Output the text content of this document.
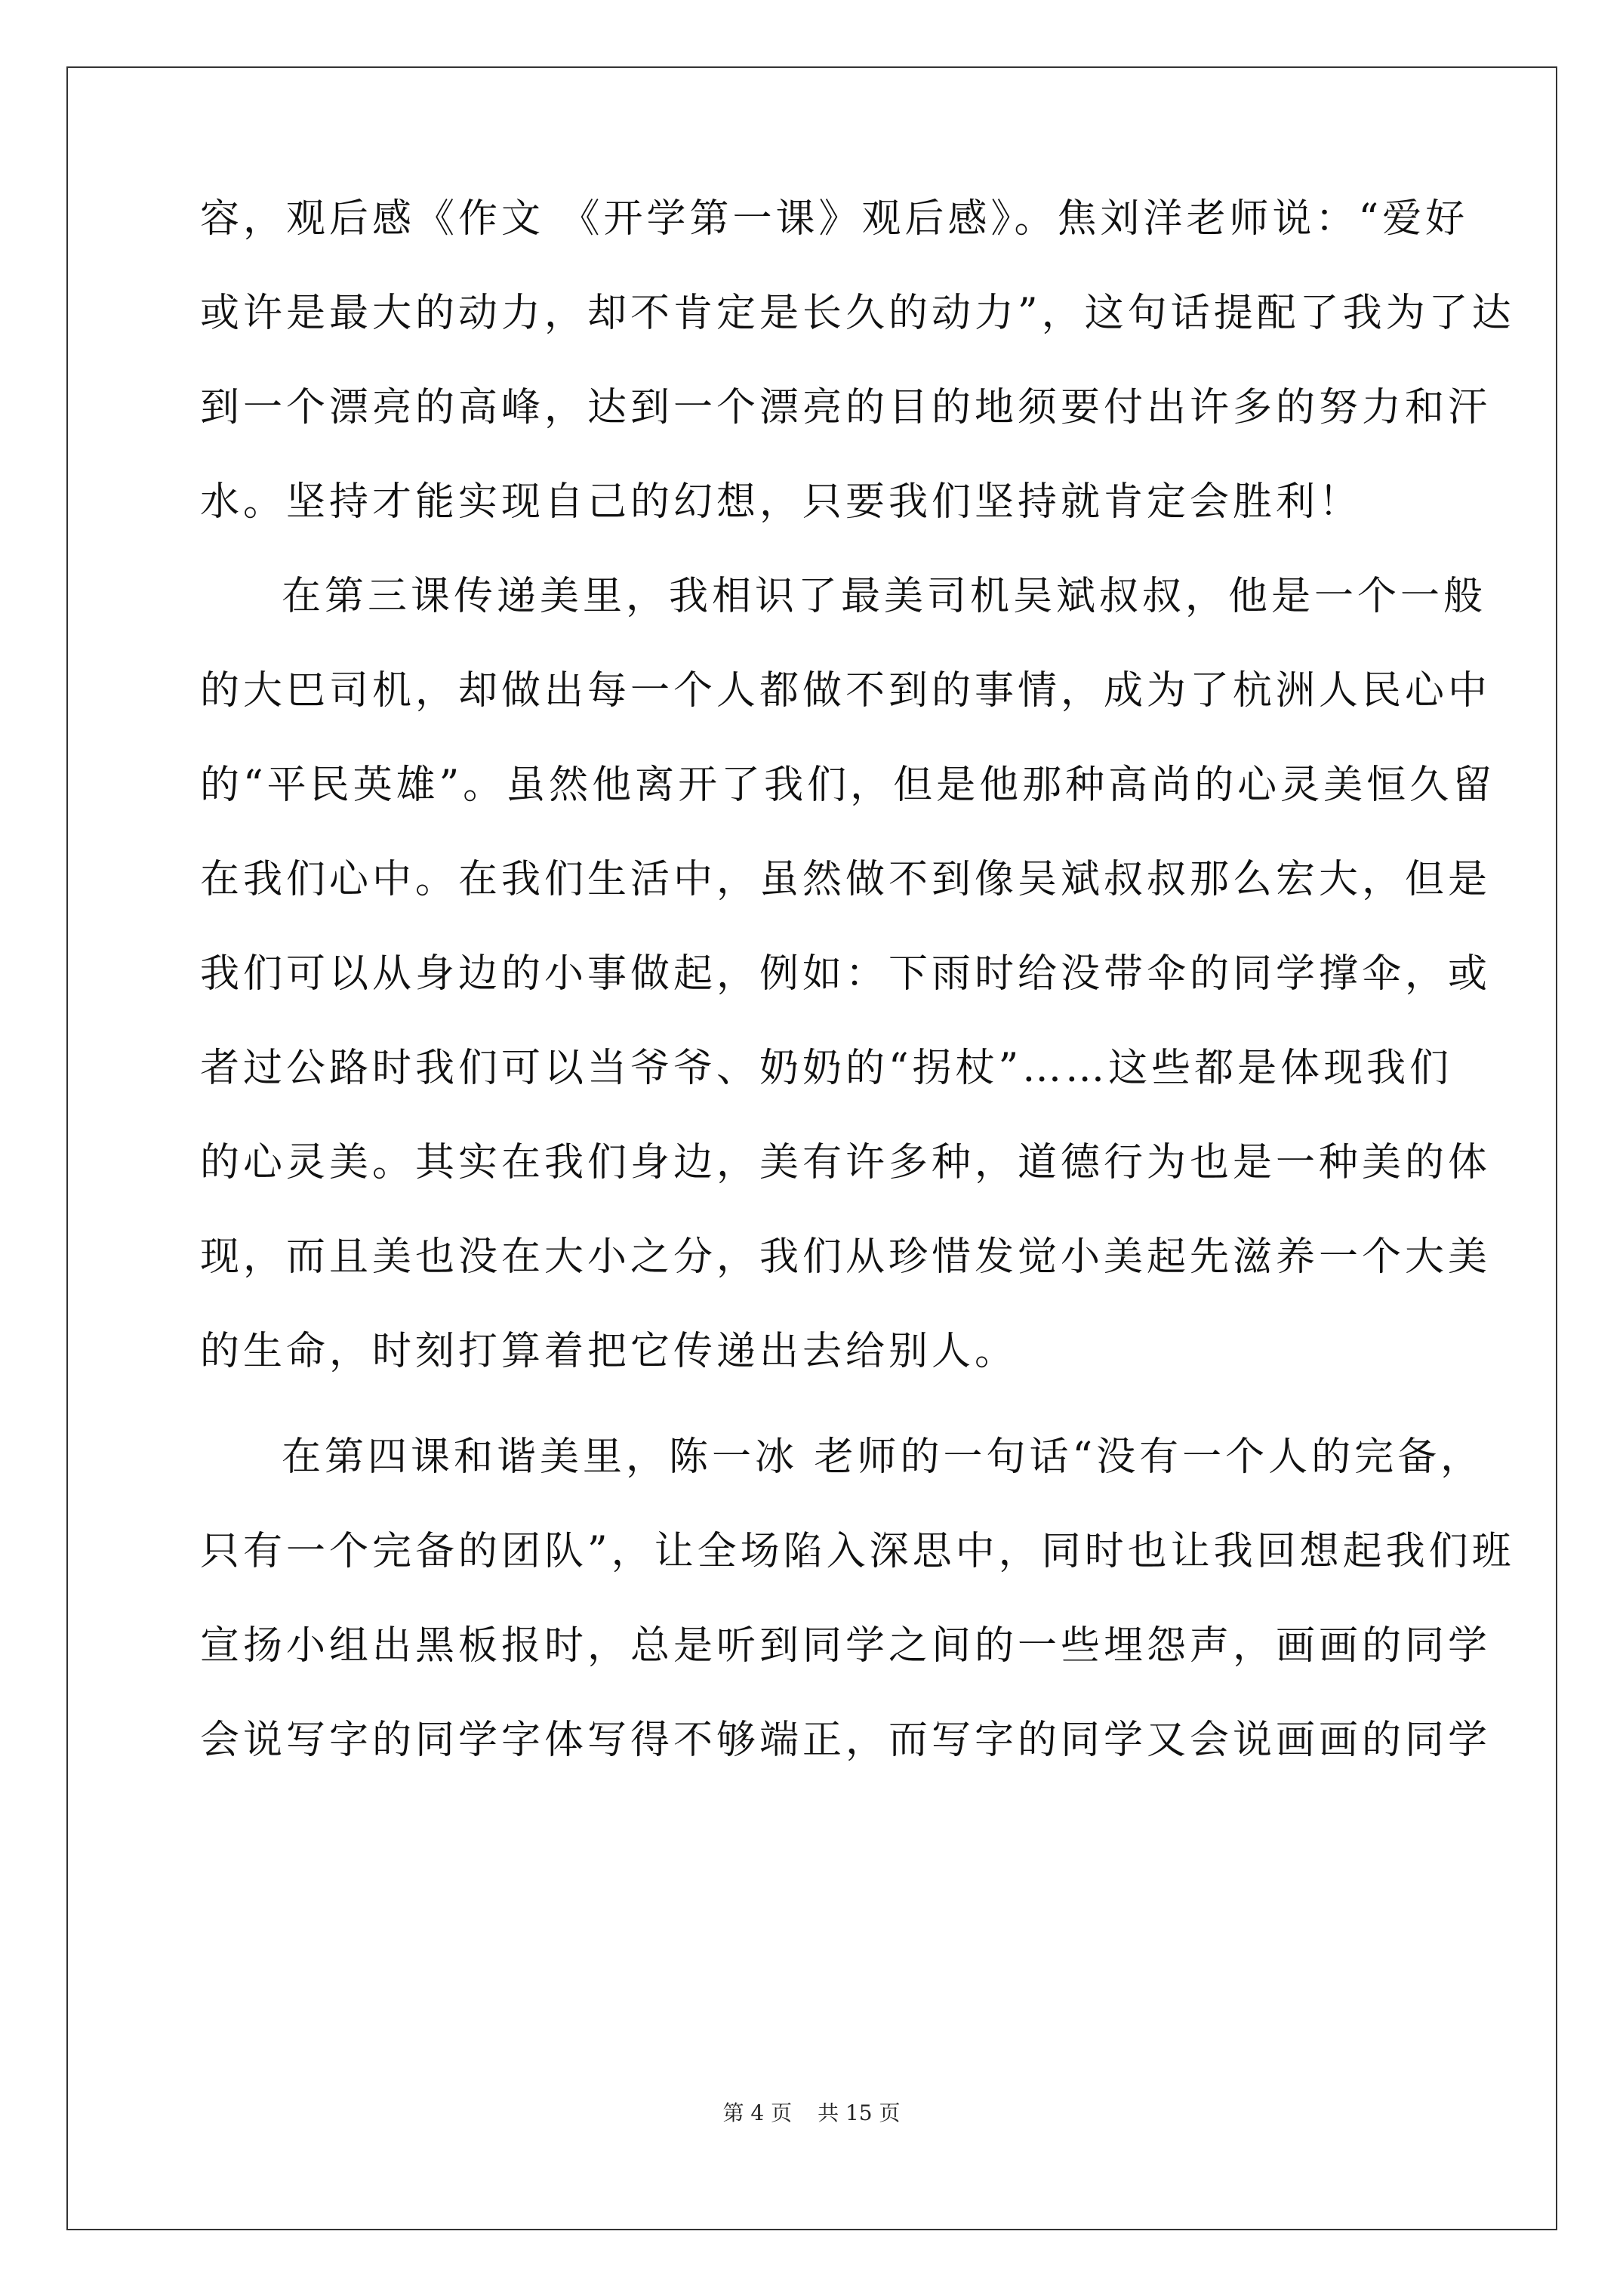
容，观后感《作文 《开学第一课》观后感》。焦刘洋老师说：“爱好
或许是最大的动力，却不肯定是长久的动力”，这句话提配了我为了达
到一个漂亮的高峰，达到一个漂亮的目的地须要付出许多的努力和汗
水。坚持才能实现自己的幻想，只要我们坚持就肯定会胜利！
在第三课传递美里，我相识了最美司机吴斌叔叔，他是一个一般
的大巴司机，却做出每一个人都做不到的事情，成为了杭洲人民心中
的“平民英雄”。虽然他离开了我们，但是他那种高尚的心灵美恒久留
在我们心中。在我们生活中，虽然做不到像吴斌叔叔那么宏大，但是
我们可以从身边的小事做起，例如：下雨时给没带伞的同学撑伞，或
者过公路时我们可以当爷爷、奶奶的“拐杖”……这些都是体现我们
的心灵美。其实在我们身边，美有许多种，道德行为也是一种美的体
现，而且美也没在大小之分，我们从珍惜发觉小美起先滋养一个大美
的生命，时刻打算着把它传递出去给别人。
在第四课和谐美里，陈一冰 老师的一句话“没有一个人的完备，
只有一个完备的团队”，让全场陷入深思中，同时也让我回想起我们班
宣扬小组出黑板报时，总是听到同学之间的一些埋怨声，画画的同学
会说写字的同学字体写得不够端正，而写字的同学又会说画画的同学
第 4 页 共 15 页
